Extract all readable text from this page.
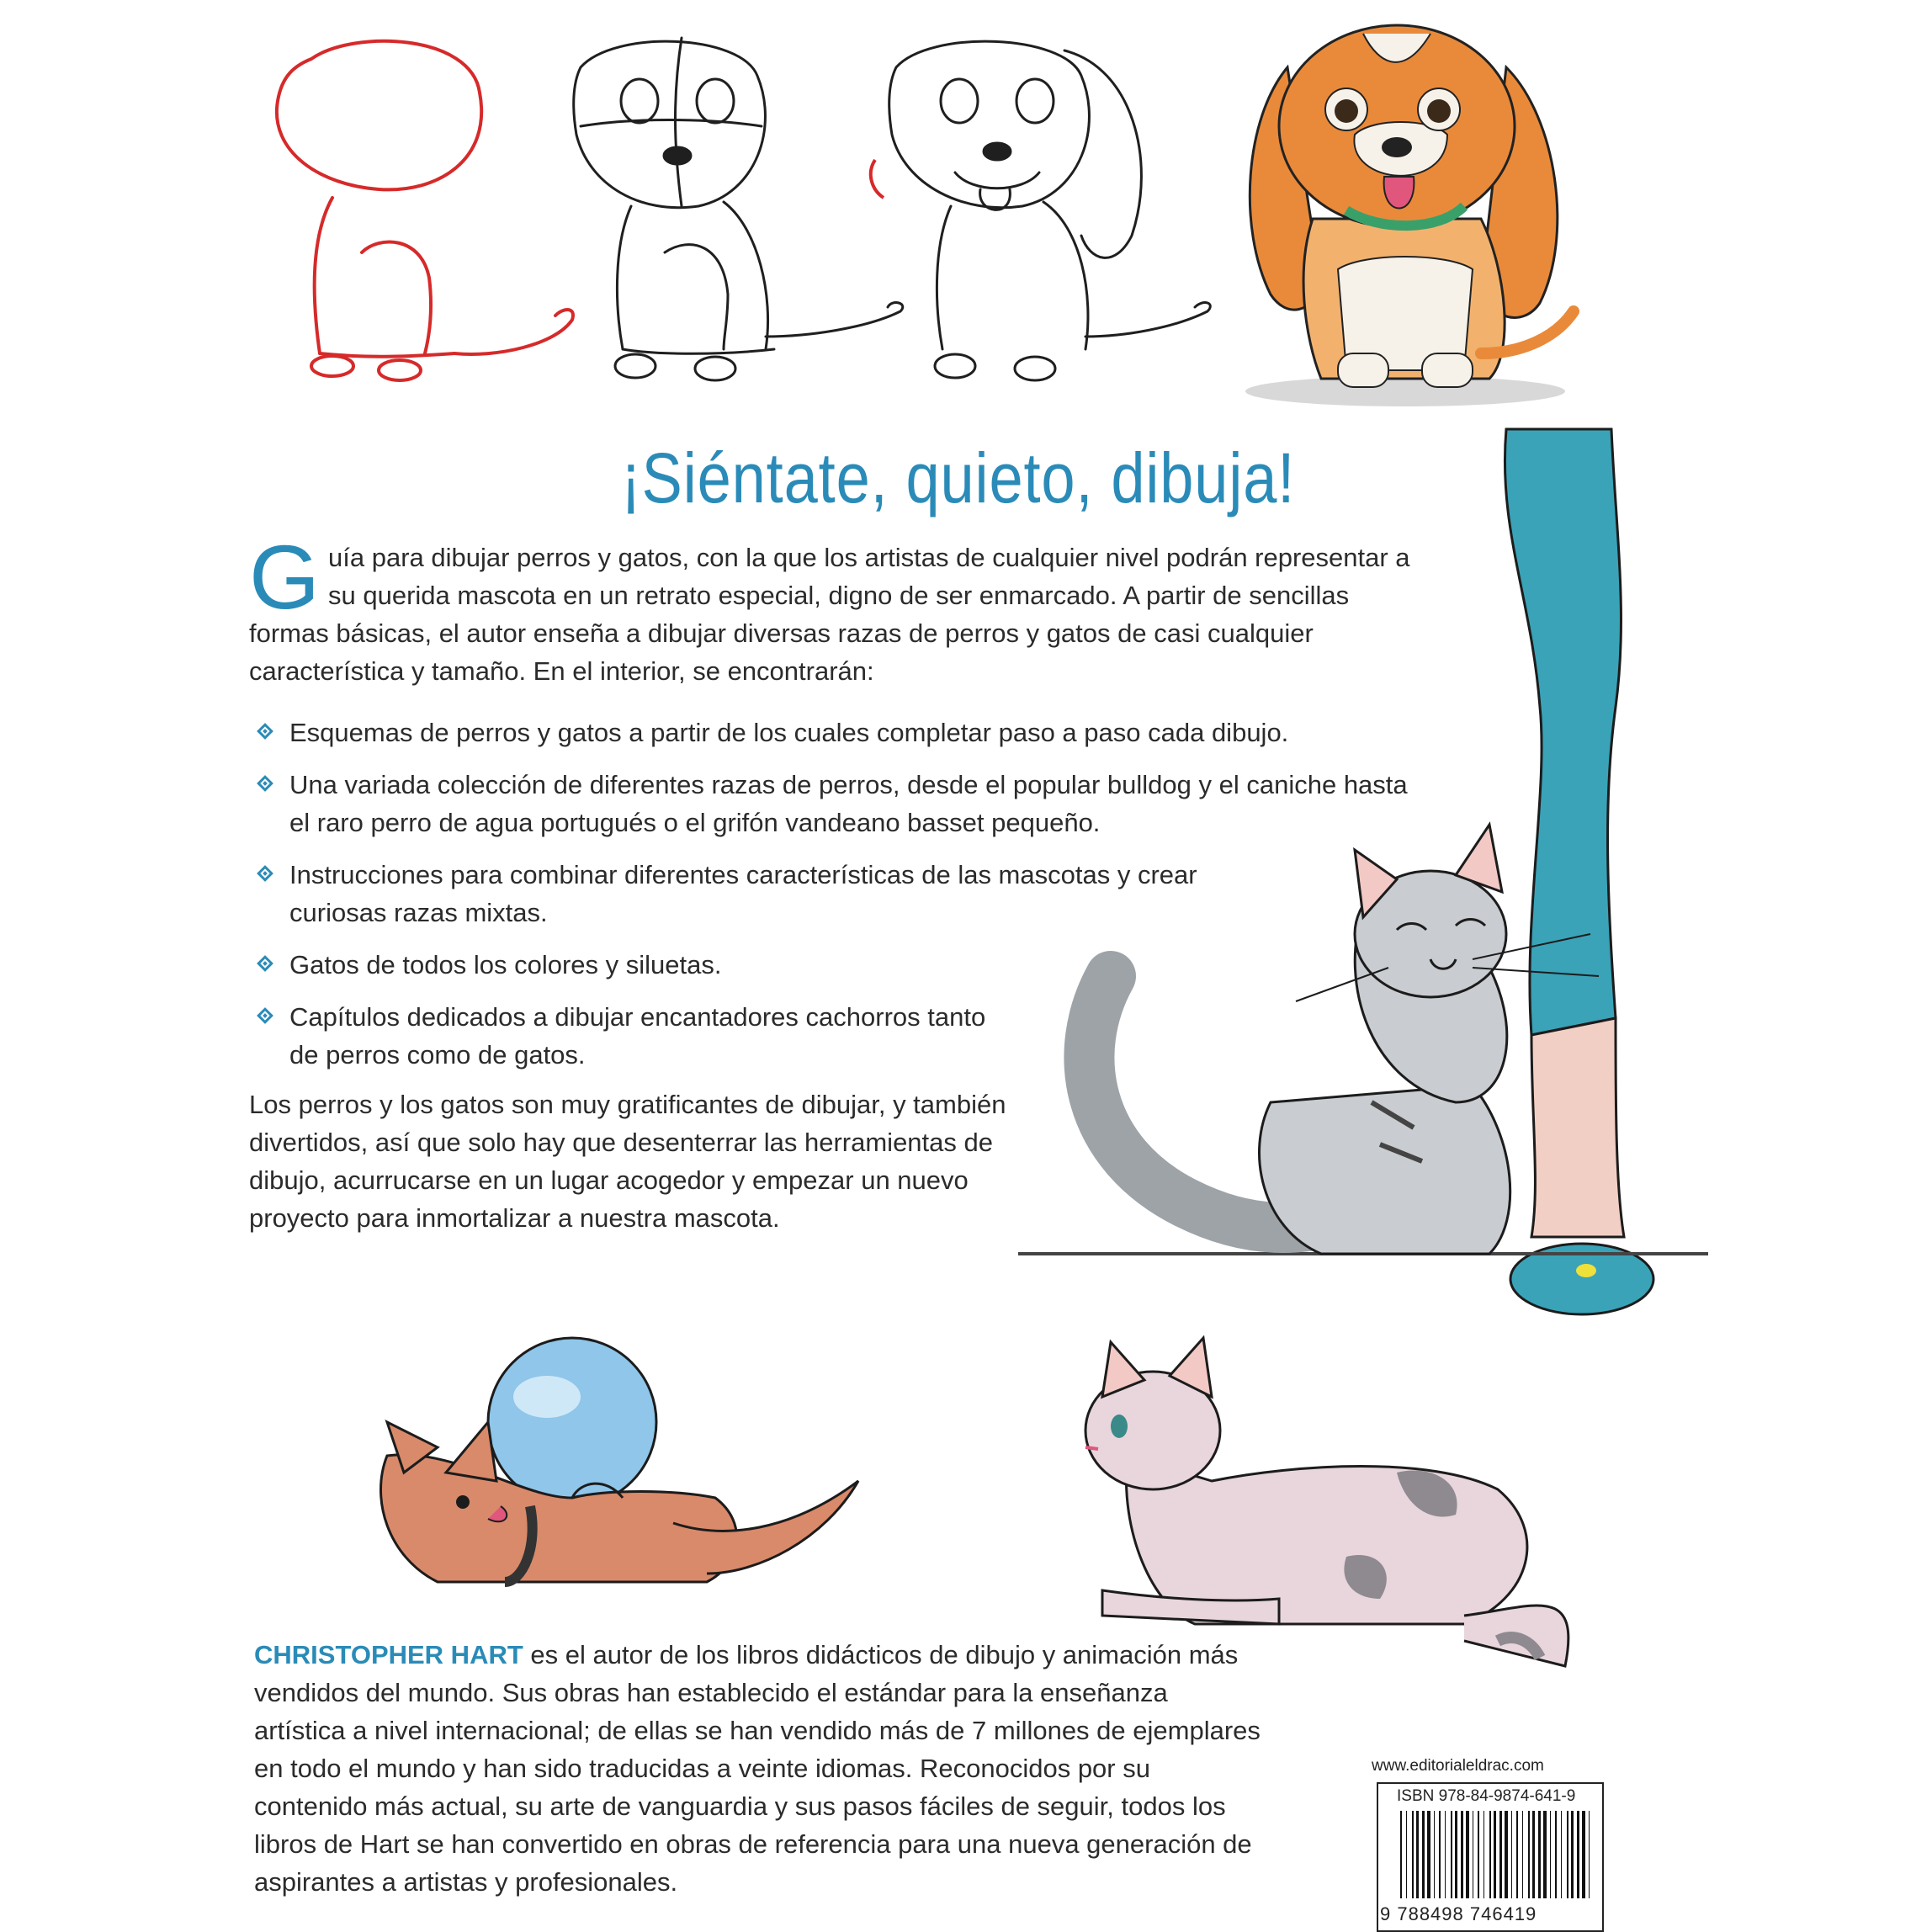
¡Siéntate, quieto, dibuja!
G uía para dibujar perros y gatos, con la que los artistas de cualquier nivel podrán representar a su querida mascota en un retrato especial, digno de ser enmarcado. A partir de sencillas formas básicas, el autor enseña a dibujar diversas razas de perros y gatos de casi cualquier característica y tamaño. En el interior, se encontrarán:
Esquemas de perros y gatos a partir de los cuales completar paso a paso cada dibujo.
Una variada colección de diferentes razas de perros, desde el popular bulldog y el caniche hasta el raro perro de agua portugués o el grifón vandeano basset pequeño.
Instrucciones para combinar diferentes características de las mascotas y crear curiosas razas mixtas.
Gatos de todos los colores y siluetas.
Capítulos dedicados a dibujar encantadores cachorros tanto de perros como de gatos.
Los perros y los gatos son muy gratificantes de dibujar, y también divertidos, así que solo hay que desenterrar las herramientas de dibujo, acurrucarse en un lugar acogedor y empezar un nuevo proyecto para inmortalizar a nuestra mascota.
CHRISTOPHER HART es el autor de los libros didácticos de dibujo y animación más vendidos del mundo. Sus obras han establecido el estándar para la enseñanza artística a nivel internacional; de ellas se han vendido más de 7 millones de ejemplares en todo el mundo y han sido traducidas a veinte idiomas. Reconocidos por su contenido más actual, su arte de vanguardia y sus pasos fáciles de seguir, todos los libros de Hart se han convertido en obras de referencia para una nueva generación de aspirantes a artistas y profesionales.
www.editorialeldrac.com
ISBN 978-84-9874-641-9
9 788498 746419
